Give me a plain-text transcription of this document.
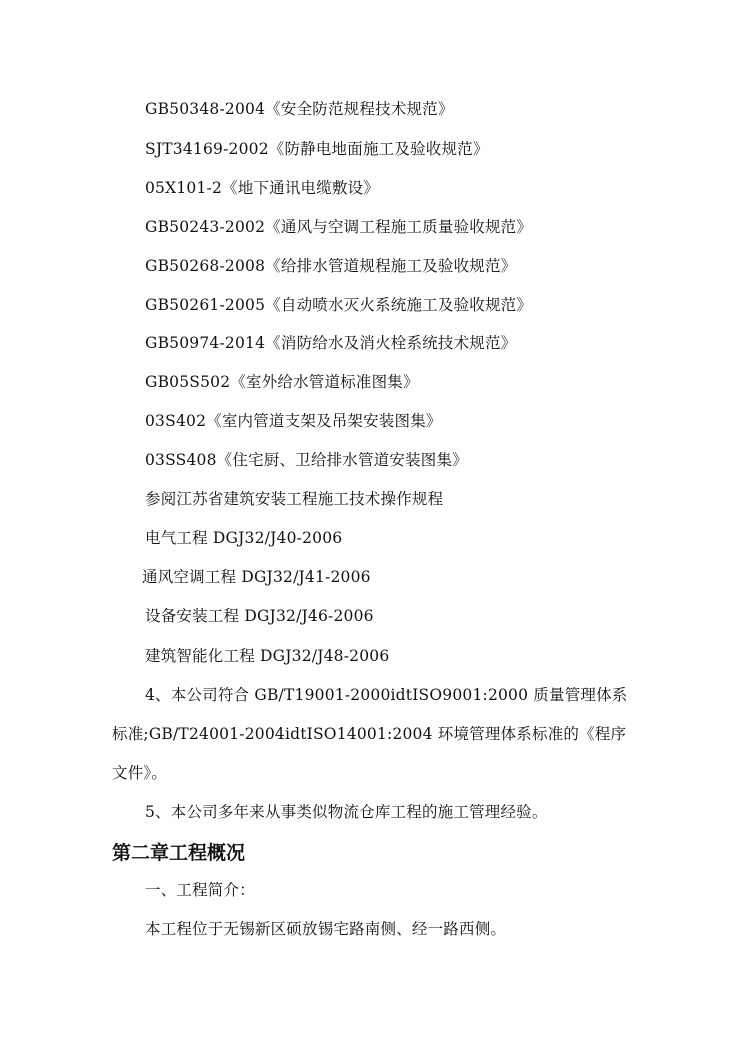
GB50348-2004《安全防范规程技术规范》
SJT34169-2002《防静电地面施工及验收规范》
05X101-2《地下通讯电缆敷设》
GB50243-2002《通风与空调工程施工质量验收规范》
GB50268-2008《给排水管道规程施工及验收规范》
GB50261-2005《自动喷水灭火系统施工及验收规范》
GB50974-2014《消防给水及消火栓系统技术规范》
GB05S502《室外给水管道标准图集》
03S402《室内管道支架及吊架安装图集》
03SS408《住宅厨、卫给排水管道安装图集》
参阅江苏省建筑安装工程施工技术操作规程
电气工程 DGJ32/J40-2006
通风空调工程 DGJ32/J41-2006
设备安装工程 DGJ32/J46-2006
建筑智能化工程 DGJ32/J48-2006
4、本公司符合 GB/T19001-2000idtISO9001:2000 质量管理体系
标准;GB/T24001-2004idtISO14001:2004 环境管理体系标准的《程序
文件》。
5、本公司多年来从事类似物流仓库工程的施工管理经验。
第二章工程概况
一、工程简介：
本工程位于无锡新区硕放锡宅路南侧、经一路西侧。
